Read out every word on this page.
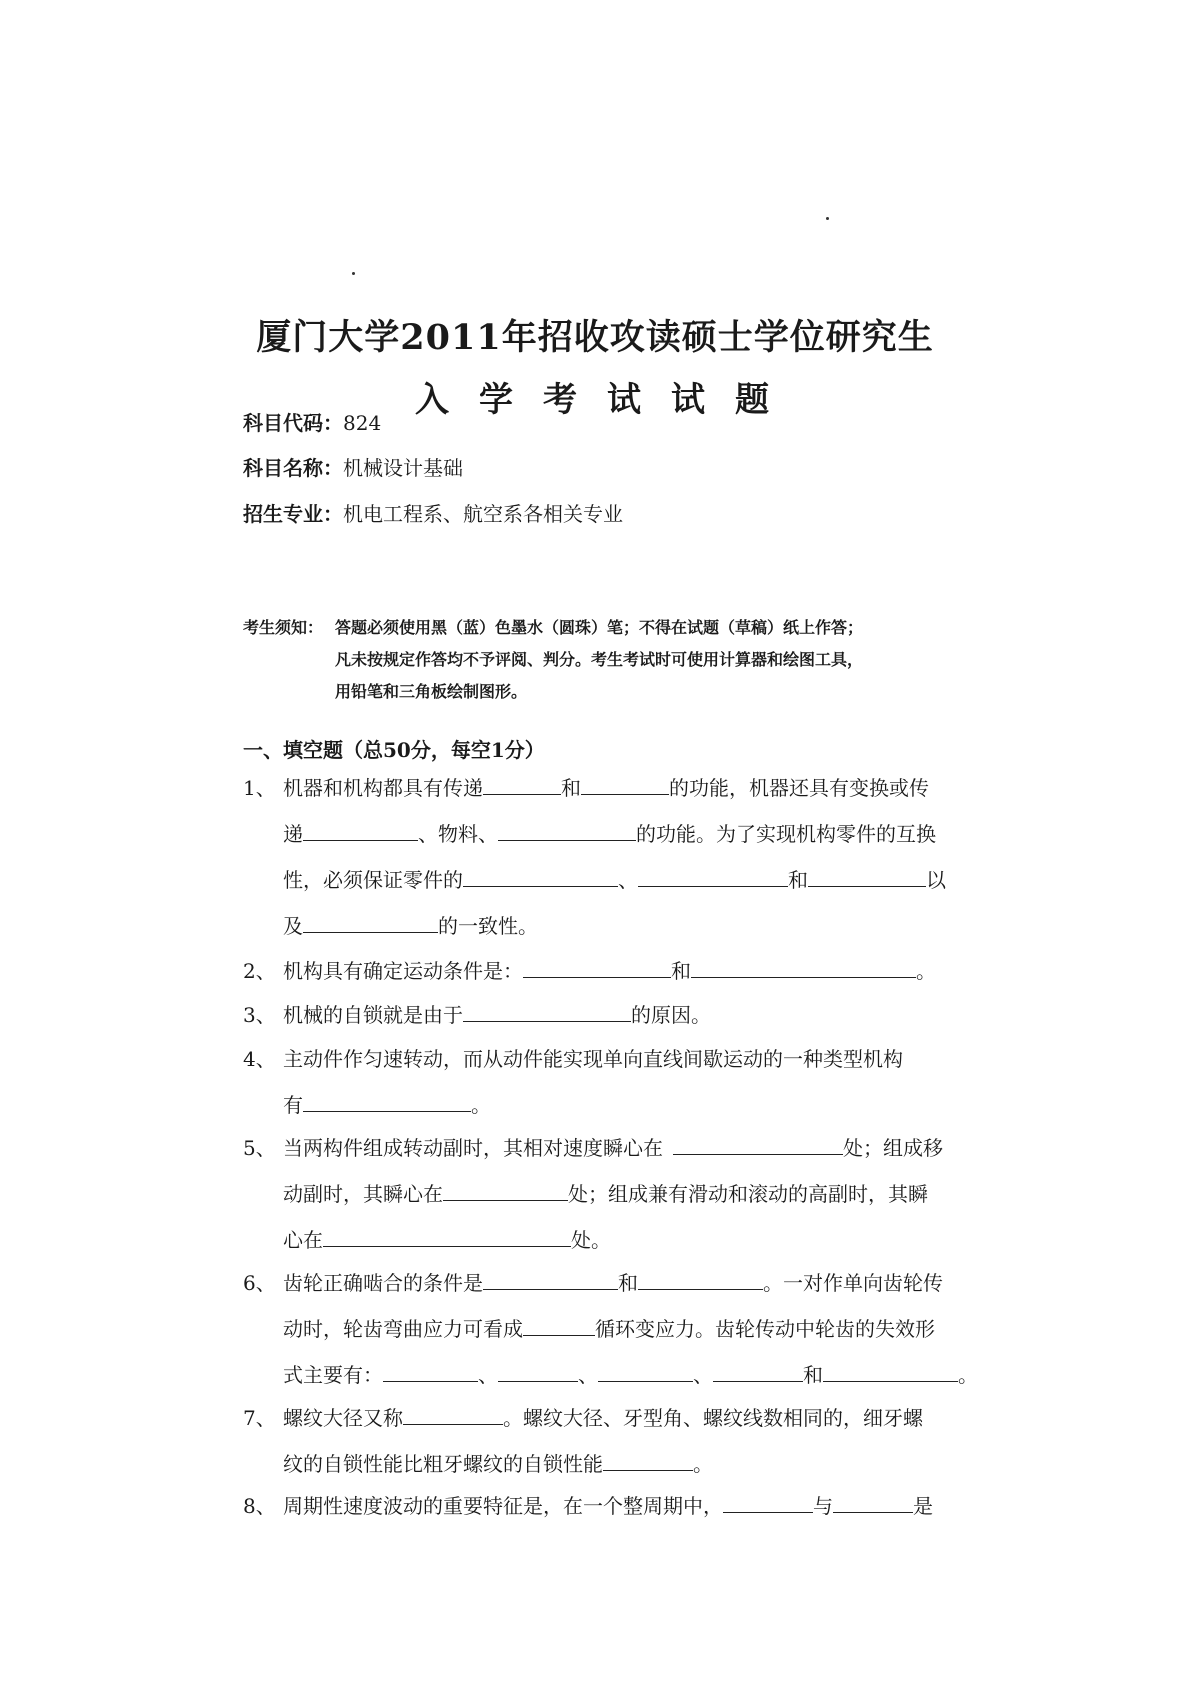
厦门大学2011年招收攻读硕士学位研究生
入学考试试题
科目代码：824
科目名称：机械设计基础
招生专业：机电工程系、航空系各相关专业
考生须知： 答题必须使用黑（蓝）色墨水（圆珠）笔；不得在试题（草稿）纸上作答；
凡未按规定作答均不予评阅、判分。考生考试时可使用计算器和绘图工具，
用铅笔和三角板绘制图形。
一、填空题（总50分，每空1分）
1、 机器和机构都具有传递	和	的功能，机器还具有变换或传
递	、物料、	的功能。为了实现机构零件的互换
性，必须保证零件的	、	和	以
及	的一致性。
2、 机构具有确定运动条件是：	和	。
3、 机械的自锁就是由于	的原因。
4、 主动件作匀速转动，而从动件能实现单向直线间歇运动的一种类型机构
有	。
5、 当两构件组成转动副时，其相对速度瞬心在	处；组成移
动副时，其瞬心在	处；组成兼有滑动和滚动的高副时，其瞬
心在	处。
6、 齿轮正确啮合的条件是	和	。一对作单向齿轮传
动时，轮齿弯曲应力可看成	循环变应力。齿轮传动中轮齿的失效形
式主要有：	、	、	、	和	。
7、 螺纹大径又称	。螺纹大径、牙型角、螺纹线数相同的，细牙螺
纹的自锁性能比粗牙螺纹的自锁性能	。
8、 周期性速度波动的重要特征是，在一个整周期中，	与	是
